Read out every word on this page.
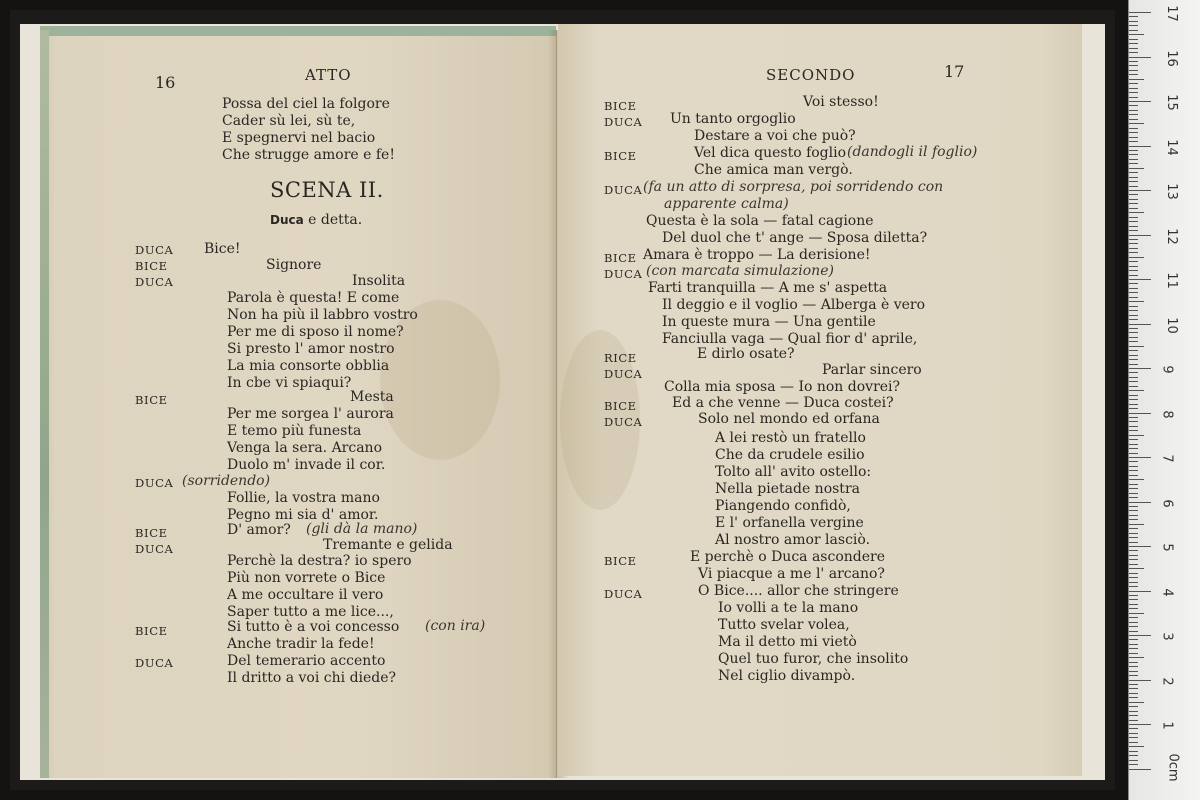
16	ATTO
Possa del ciel la folgore
Cader sù lei, sù te,
E spegnervi nel bacio
Che strugge amore e fe!
SCENA II.
Duca e detta.
DUCA Bice!
BICE	Signore
DUCA	Insolita
Parola è questa! E come
Non ha più il labbro vostro
Per me di sposo il nome?
Si presto l' amor nostro
La mia consorte obblia
In cbe vi spiaqui?
BICE	Mesta
Per me sorgea l' aurora
E temo più funesta
Venga la sera. Arcano
Duolo m' invade il cor.
DUCA (sorridendo)
Follie, la vostra mano
Pegno mi sia d' amor.
BICE	D' amor? (gli dà la mano)
DUCA	Tremante e gelida
Perchè la destra? io spero
Più non vorrete o Bice
A me occultare il vero
Saper tutto a me lice...,
BICE	Si tutto è a voi concesso (con ira)
Anche tradir la fede!
DUCA	Del temerario accento
Il dritto a voi chi diede?
SECONDO	17
BICE	Voi stesso!
DUCA Un tanto orgoglio
Destare a voi che può?
BICE	Vel dica questo foglio (dandogli il foglio)
Che amica man vergò.
DUCA (fa un atto di sorpresa, poi sorridendo con
apparente calma)
Questa è la sola — fatal cagione
Del duol che t' ange — Sposa diletta?
BICE Amara è troppo — La derisione!
DUCA (con marcata simulazione)
Farti tranquilla — A me s' aspetta
Il deggio e il voglio — Alberga è vero
In queste mura — Una gentile
Fanciulla vaga — Qual fior d' aprile,
RICE	E dirlo osate?
DUCA	Parlar sincero
Colla mia sposa — Io non dovrei?
BICE	Ed a che venne — Duca costei?
DUCA	Solo nel mondo ed orfana
A lei restò un fratello
Che da crudele esilio
Tolto all' avito ostello:
Nella pietade nostra
Piangendo confidò,
E l' orfanella vergine
Al nostro amor lasciò.
BICE	E perchè o Duca ascondere
Vi piacque a me l' arcano?
DUCA	O Bice.... allor che stringere
Io volli a te la mano
Tutto svelar volea,
Ma il detto mi vietò
Quel tuo furor, che insolito
Nel ciglio divampò.
17
16
15
14
13
12
11
10
9
8
7
6
5
4
3
2
1
0cm
